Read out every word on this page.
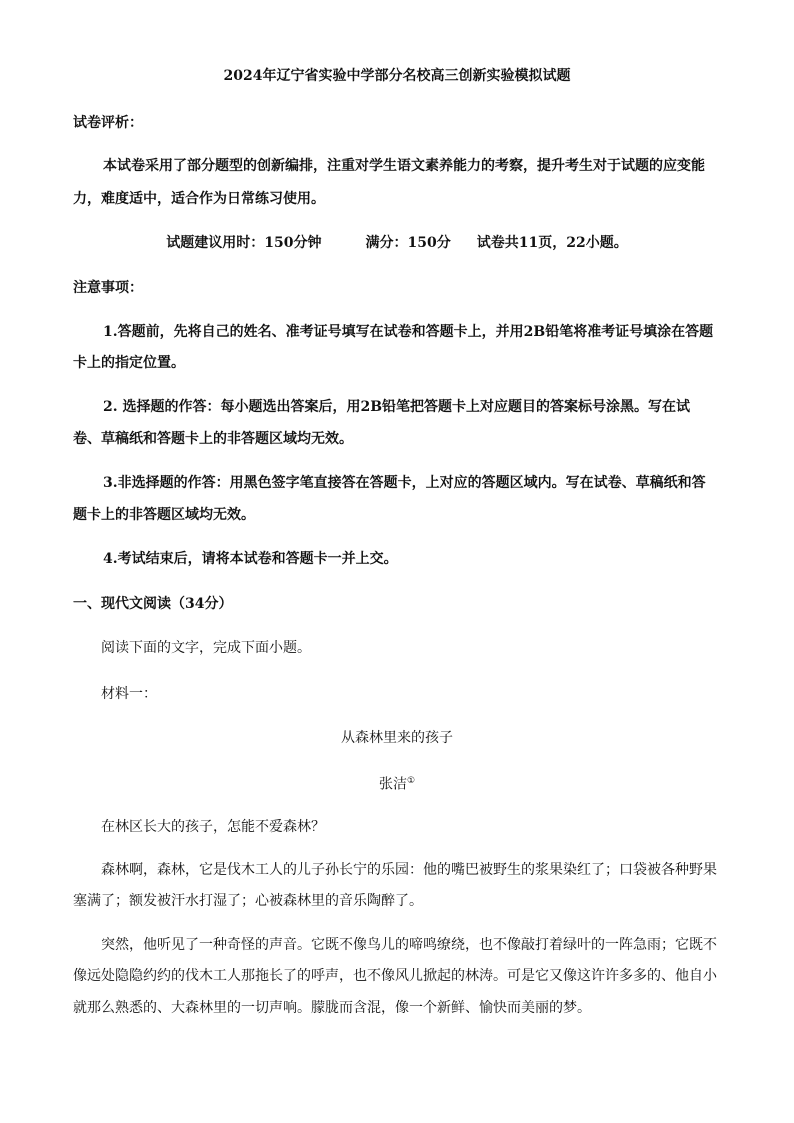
2024年辽宁省实验中学部分名校高三创新实验模拟试题
试卷评析：
本试卷采用了部分题型的创新编排，注重对学生语文素养能力的考察，提升考生对于试题的应变能
力，难度适中，适合作为日常练习使用。
试题建议用时：150分钟	满分：150分 试卷共11页，22小题。
注意事项：
1.答题前，先将自己的姓名、准考证号填写在试卷和答题卡上，并用2B铅笔将准考证号填涂在答题
卡上的指定位置。
2. 选择题的作答：每小题选出答案后，用2B铅笔把答题卡上对应题目的答案标号涂黑。写在试
卷、草稿纸和答题卡上的非答题区域均无效。
3.非选择题的作答：用黑色签字笔直接答在答题卡，上对应的答题区域内。写在试卷、草稿纸和答
题卡上的非答题区域均无效。
4.考试结束后，请将本试卷和答题卡一并上交。
一、现代文阅读（34分）
阅读下面的文字，完成下面小题。
材料一：
从森林里来的孩子
张洁①
在林区长大的孩子，怎能不爱森林？
森林啊，森林，它是伐木工人的儿子孙长宁的乐园：他的嘴巴被野生的浆果染红了；口袋被各种野果
塞满了；额发被汗水打湿了；心被森林里的音乐陶醉了。
突然，他听见了一种奇怪的声音。它既不像鸟儿的啼鸣缭绕，也不像敲打着绿叶的一阵急雨；它既不
像远处隐隐约约的伐木工人那拖长了的呼声，也不像风儿掀起的林涛。可是它又像这许许多多的、他自小
就那么熟悉的、大森林里的一切声响。朦胧而含混，像一个新鲜、愉快而美丽的梦。
